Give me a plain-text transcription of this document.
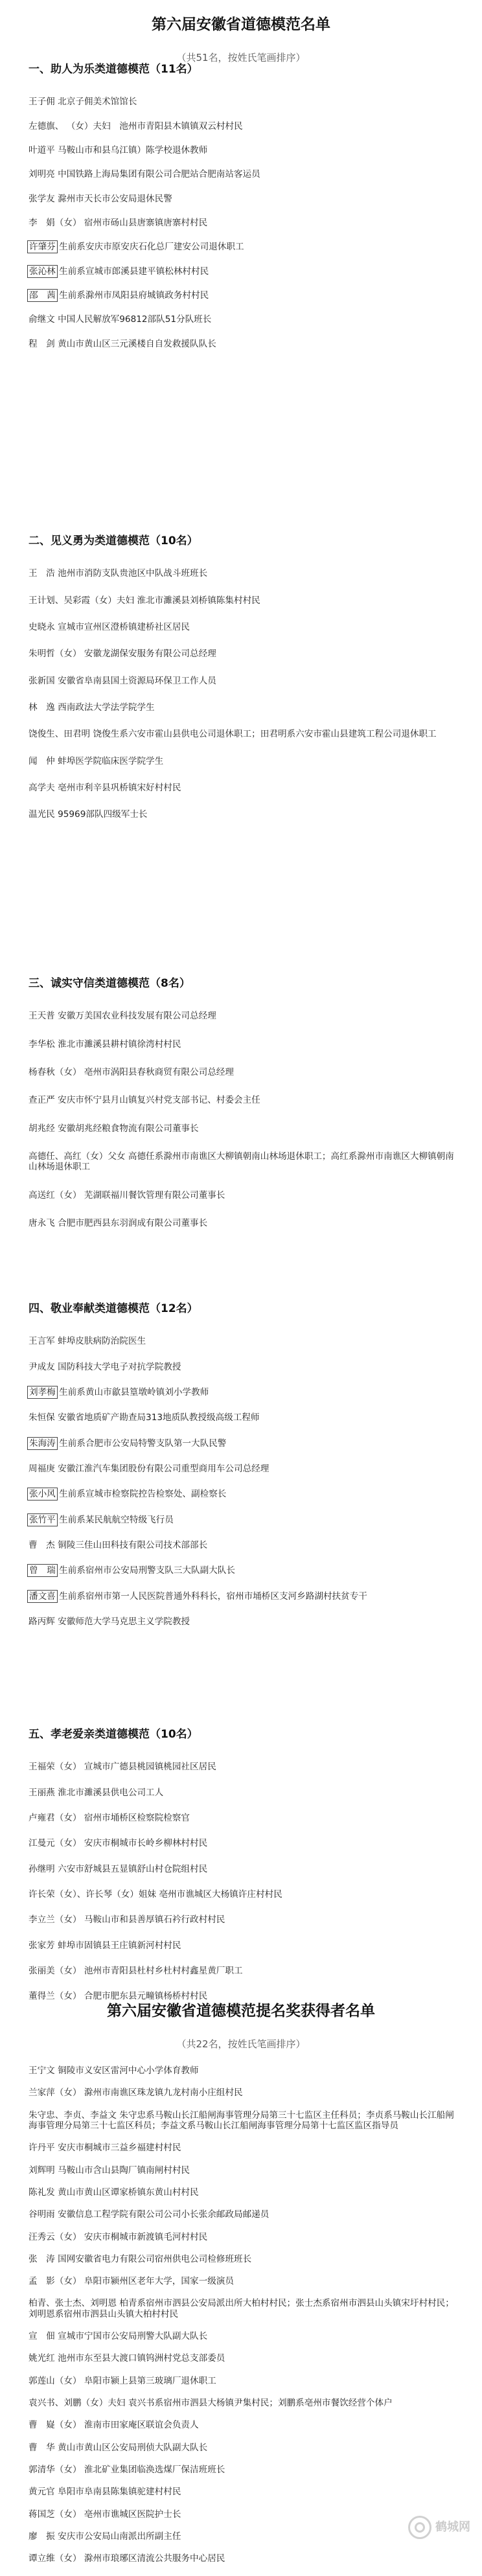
第六届安徽省道德模范名单
（共51名，按姓氏笔画排序）
一、助人为乐类道德模范（11名）
王子佣 北京子佣美术馆馆长
左德旗、 （女）夫妇　池州市青阳县木镇镇双云村村民
叶道平 马鞍山市和县乌江镇）陈学校退休教师
刘明亮 中国铁路上海局集团有限公司合肥站合肥南站客运员
张学友 滁州市天长市公安局退休民警
李　娟（女） 宿州市砀山县唐寨镇唐寨村村民
许肇芬 生前系安庆市原安庆石化总厂建安公司退休职工
张沁林 生前系宣城市郎溪县建平镇松林村村民
邵　茜 生前系滁州市凤阳县府城镇政务村村民
俞继文 中国人民解放军96812部队51分队班长
程　剑 黄山市黄山区三元溪楼自自发救援队队长
二、见义勇为类道德模范（10名）
王　浩 池州市消防支队贵池区中队战斗班班长
王计划、吴彩霞（女）夫妇 淮北市濉溪县刘桥镇陈集村村民
史晓永 宣城市宣州区澄桥镇建桥社区居民
朱明哲（女） 安徽龙湖保安服务有限公司总经理
张新国 安徽省阜南县国土资源局环保卫工作人员
林　逸 西南政法大学法学院学生
饶俊生、田君明 饶俊生系六安市霍山县供电公司退休职工；田君明系六安市霍山县建筑工程公司退休职工
闻　仲 蚌埠医学院临床医学院学生
高学夫 亳州市利辛县巩桥镇宋好村村民
温光民 95969部队四级军士长
三、诚实守信类道德模范（8名）
王天普 安徽万美国农业科技发展有限公司总经理
李华松 淮北市濉溪县耕村镇徐湾村村民
杨春秋（女） 亳州市涡阳县春秋商贸有限公司总经理
查正严 安庆市怀宁县月山镇复兴村党支部书记、村委会主任
胡兆经 安徽胡兆经粮食物流有限公司董事长
高德任、高红（女）父女 高德任系滁州市南谯区大柳镇朝南山林场退休职工；高红系滁州市南谯区大柳镇朝南山林场退休职工
高送红（女） 芜湖联福川餐饮管理有限公司董事长
唐永飞 合肥市肥西县东羽润成有限公司董事长
四、敬业奉献类道德模范（12名）
王言军 蚌埠皮肤病防治院医生
尹成友 国防科技大学电子对抗学院教授
刘孝梅 生前系黄山市歙县篁墩岭镇刘小学教师
朱恒保 安徽省地质矿产勘查局313地质队教授级高级工程师
朱海涛 生前系合肥市公安局特警支队第一大队民警
周福庚 安徽江淮汽车集团股份有限公司重型商用车公司总经理
张小风 生前系宣城市检察院控告检察处、副检察长
张竹平 生前系某民航航空特级飞行员
曹　杰 铜陵三佳山田科技有限公司技术部部长
曾　瑞 生前系宿州市公安局刑警支队三大队副大队长
潘文喜 生前系宿州市第一人民医院普通外科科长，宿州市埇桥区支河乡路湖村扶贫专干
路丙辉 安徽师范大学马克思主义学院教授
五、孝老爱亲类道德模范（10名）
王福荣（女） 宣城市广德县桃园镇桃园社区居民
王丽燕 淮北市濉溪县供电公司工人
卢雍君（女） 宿州市埇桥区检察院检察官
江曼元（女） 安庆市桐城市长岭乡柳林村村民
孙继明 六安市舒城县五显镇舒山村仓院组村民
许长荣（女）、许长琴（女）姐妹 亳州市谯城区大杨镇许庄村村民
李立兰（女） 马鞍山市和县善厚镇石衿行政村村民
张家芳 蚌埠市固镇县王庄镇新河村村民
张丽美（女） 池州市青阳县杜村乡杜村村鑫星黄厂职工
董得兰（女） 合肥市肥东县元疃镇杨桥村村民
第六届安徽省道德模范提名奖获得者名单
（共22名，按姓氏笔画排序）
王宁文 铜陵市义安区雷河中心小学体育教师
兰家萍（女） 滁州市南谯区珠龙镇九龙村南小庄组村民
朱守忠、李贞、李益文 朱守忠系马鞍山长江船闸海事管理分局第三十七监区主任科员；李贞系马鞍山长江船闸海事管理分局第三十七监区科员；李益文系马鞍山长江船闸海事管理分局第十七监区监区指导员
许丹平 安庆市桐城市三益乡福建村村民
刘辉明 马鞍山市含山县陶厂镇南闸村村民
陈礼发 黄山市黄山区谭家桥镇东黄山村村民
谷明雨 安徽信息工程学院有限公司公司小长张余邮政局邮递员
汪秀云（女） 安庆市桐城市新渡镇毛河村村民
张　涛 国网安徽省电力有限公司宿州供电公司检修班班长
孟　影（女） 阜阳市颍州区老年大学，国家一级演员
柏青、张士杰、刘明恩 柏青系宿州市泗县公安局派出所大柏村村民；张士杰系宿州市泗县山头镇宋圩村村民；刘明恩系宿州市泗县山头镇大柏村村民
宣　佃 宣城市宁国市公安局刑警大队副大队长
姚光红 池州市东至县大渡口镇钨洲村党总支部委员
郭莲山（女） 阜阳市颍上县第三玻璃厂退休职工
袁兴书、刘鹏（女）夫妇 袁兴书系宿州市泗县大杨镇尹集村民；刘鹏系亳州市餐饮经营个体户
曹　嶷（女） 淮南市田家庵区联谊会负责人
曹　华 黄山市黄山区公安局刑侦大队副大队长
郭清华（女） 淮北矿业集团临涣选煤厂保洁班班长
黄元官 阜阳市阜南县陈集镇驼建村村民
蒋国芝（女） 亳州市谯城区医院护士长
廖　振 安庆市公安局山南派出所副主任
谭立维（女） 滁州市琅琊区清流公共服务中心居民
鹤城网
